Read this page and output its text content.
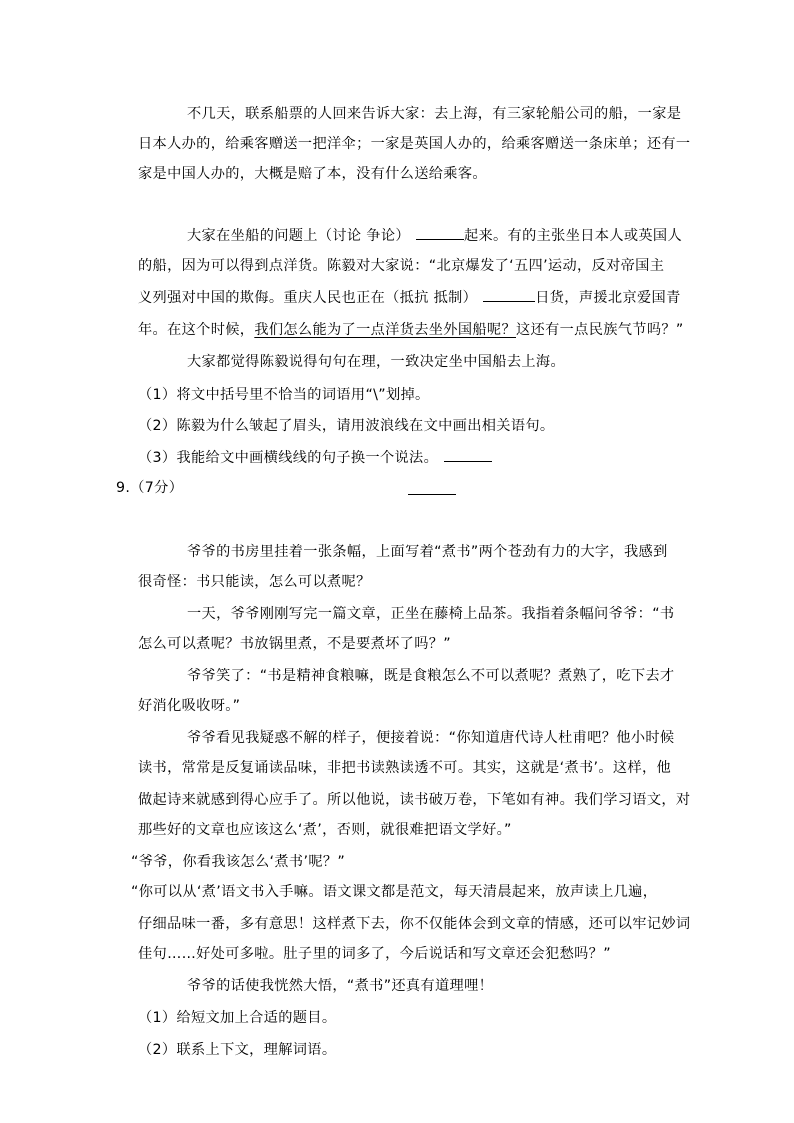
不几天，联系船票的人回来告诉大家：去上海，有三家轮船公司的船，一家是
日本人办的，给乘客赠送一把洋伞；一家是英国人办的，给乘客赠送一条床单；还有一
家是中国人办的，大概是赔了本，没有什么送给乘客。
大家在坐船的问题上（讨论 争论）	起来。有的主张坐日本人或英国人
的船，因为可以得到点洋货。陈毅对大家说：“北京爆发了‘五四’运动，反对帝国主
义列强对中国的欺侮。重庆人民也正在（抵抗 抵制）	日货，声援北京爱国青
年。在这个时候，我们怎么能为了一点洋货去坐外国船呢？这还有一点民族气节吗？”
大家都觉得陈毅说得句句在理，一致决定坐中国船去上海。
（1）将文中括号里不恰当的词语用“\”划掉。
（2）陈毅为什么皱起了眉头，请用波浪线在文中画出相关语句。
（3）我能给文中画横线线的句子换一个说法。
9.（7分）
爷爷的书房里挂着一张条幅，上面写着“煮书”两个苍劲有力的大字，我感到
很奇怪：书只能读，怎么可以煮呢？
一天，爷爷刚刚写完一篇文章，正坐在藤椅上品茶。我指着条幅问爷爷：“书
怎么可以煮呢？书放锅里煮，不是要煮坏了吗？”
爷爷笑了：“书是精神食粮嘛，既是食粮怎么不可以煮呢？煮熟了，吃下去才
好消化吸收呀。”
爷爷看见我疑惑不解的样子，便接着说：“你知道唐代诗人杜甫吧？他小时候
读书，常常是反复诵读品味，非把书读熟读透不可。其实，这就是‘煮书’。这样，他
做起诗来就感到得心应手了。所以他说，读书破万卷，下笔如有神。我们学习语文，对
那些好的文章也应该这么‘煮’，否则，就很难把语文学好。”
“爷爷，你看我该怎么‘煮书’呢？”
“你可以从‘煮’语文书入手嘛。语文课文都是范文，每天清晨起来，放声读上几遍，
仔细品味一番，多有意思！这样煮下去，你不仅能体会到文章的情感，还可以牢记妙词
佳句……好处可多啦。肚子里的词多了，今后说话和写文章还会犯愁吗？”
爷爷的话使我恍然大悟，“煮书”还真有道理哩！
（1）给短文加上合适的题目。
（2）联系上下文，理解词语。
